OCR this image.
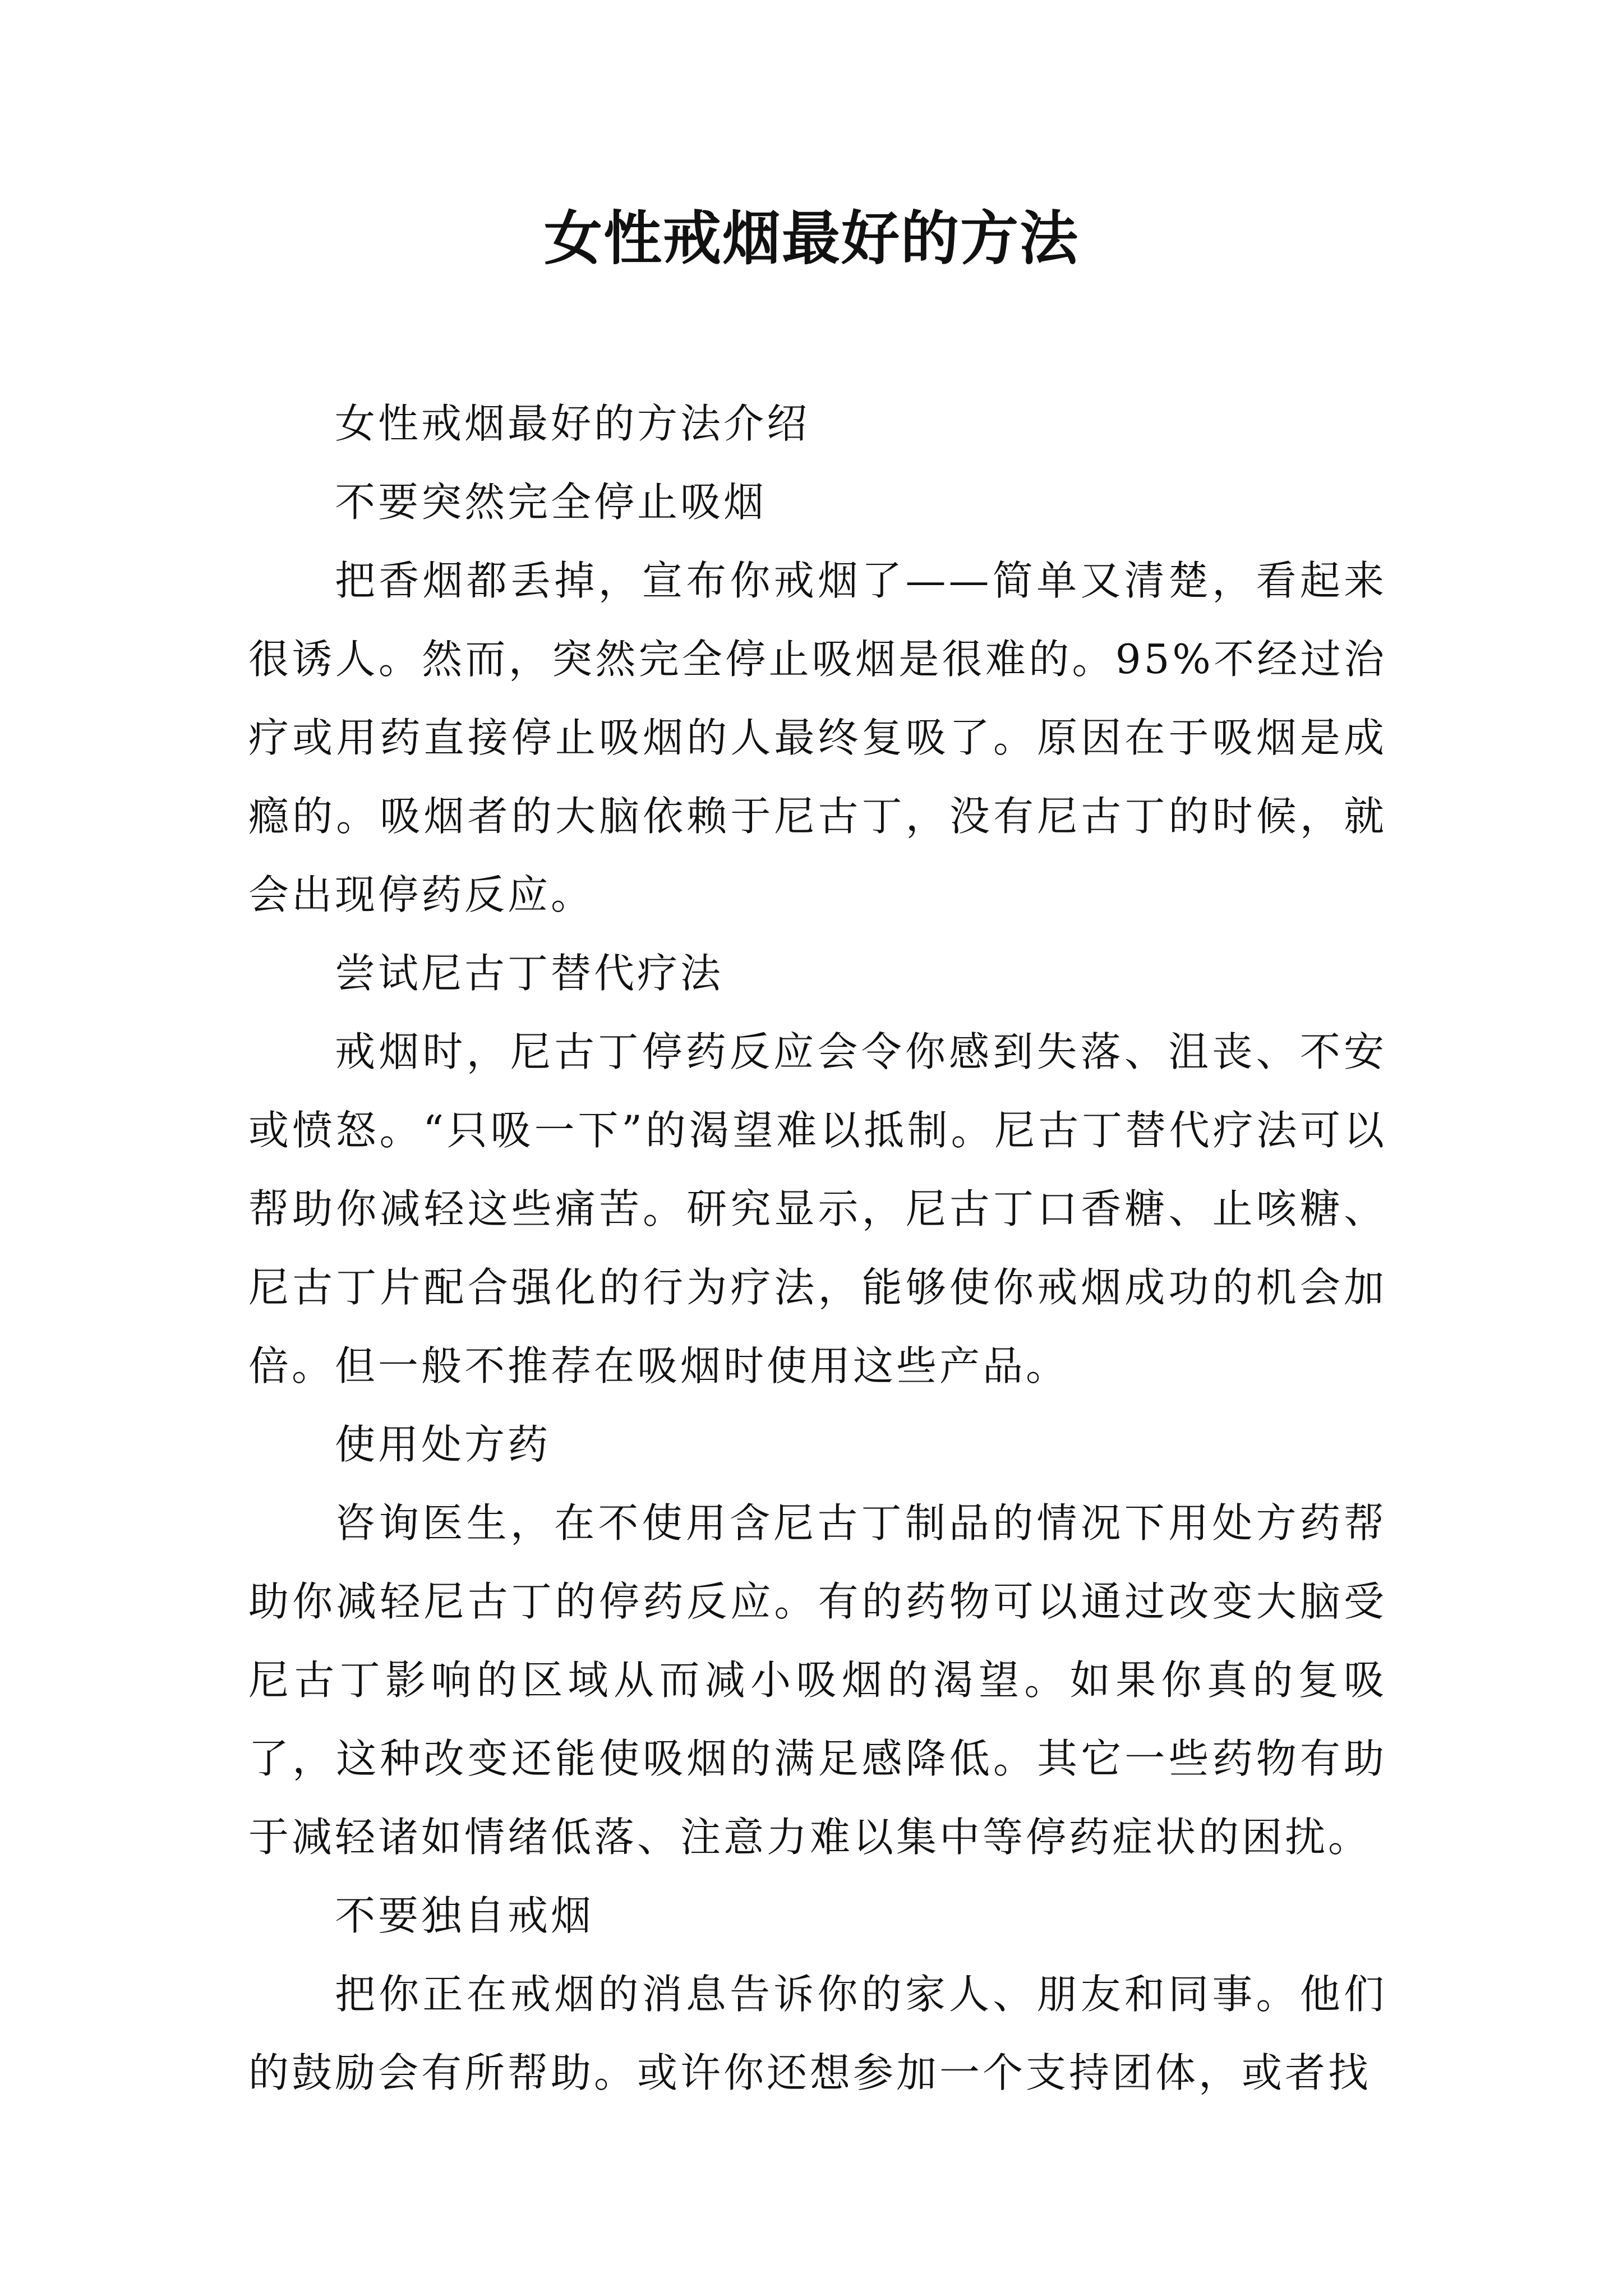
女性戒烟最好的方法

女性戒烟最好的方法介绍

不要突然完全停止吸烟

把香烟都丢掉，宣布你戒烟了——简单又清楚，看起来很诱人。然而，突然完全停止吸烟是很难的。95%不经过治疗或用药直接停止吸烟的人最终复吸了。原因在于吸烟是成瘾的。吸烟者的大脑依赖于尼古丁，没有尼古丁的时候，就会出现停药反应。

尝试尼古丁替代疗法

戒烟时，尼古丁停药反应会令你感到失落、沮丧、不安或愤怒。“只吸一下”的渴望难以抵制。尼古丁替代疗法可以帮助你减轻这些痛苦。研究显示，尼古丁口香糖、止咳糖、尼古丁片配合强化的行为疗法，能够使你戒烟成功的机会加倍。但一般不推荐在吸烟时使用这些产品。

使用处方药

咨询医生，在不使用含尼古丁制品的情况下用处方药帮助你减轻尼古丁的停药反应。有的药物可以通过改变大脑受尼古丁影响的区域从而减小吸烟的渴望。如果你真的复吸了，这种改变还能使吸烟的满足感降低。其它一些药物有助于减轻诸如情绪低落、注意力难以集中等停药症状的困扰。

不要独自戒烟

把你正在戒烟的消息告诉你的家人、朋友和同事。他们的鼓励会有所帮助。或许你还想参加一个支持团体，或者找
